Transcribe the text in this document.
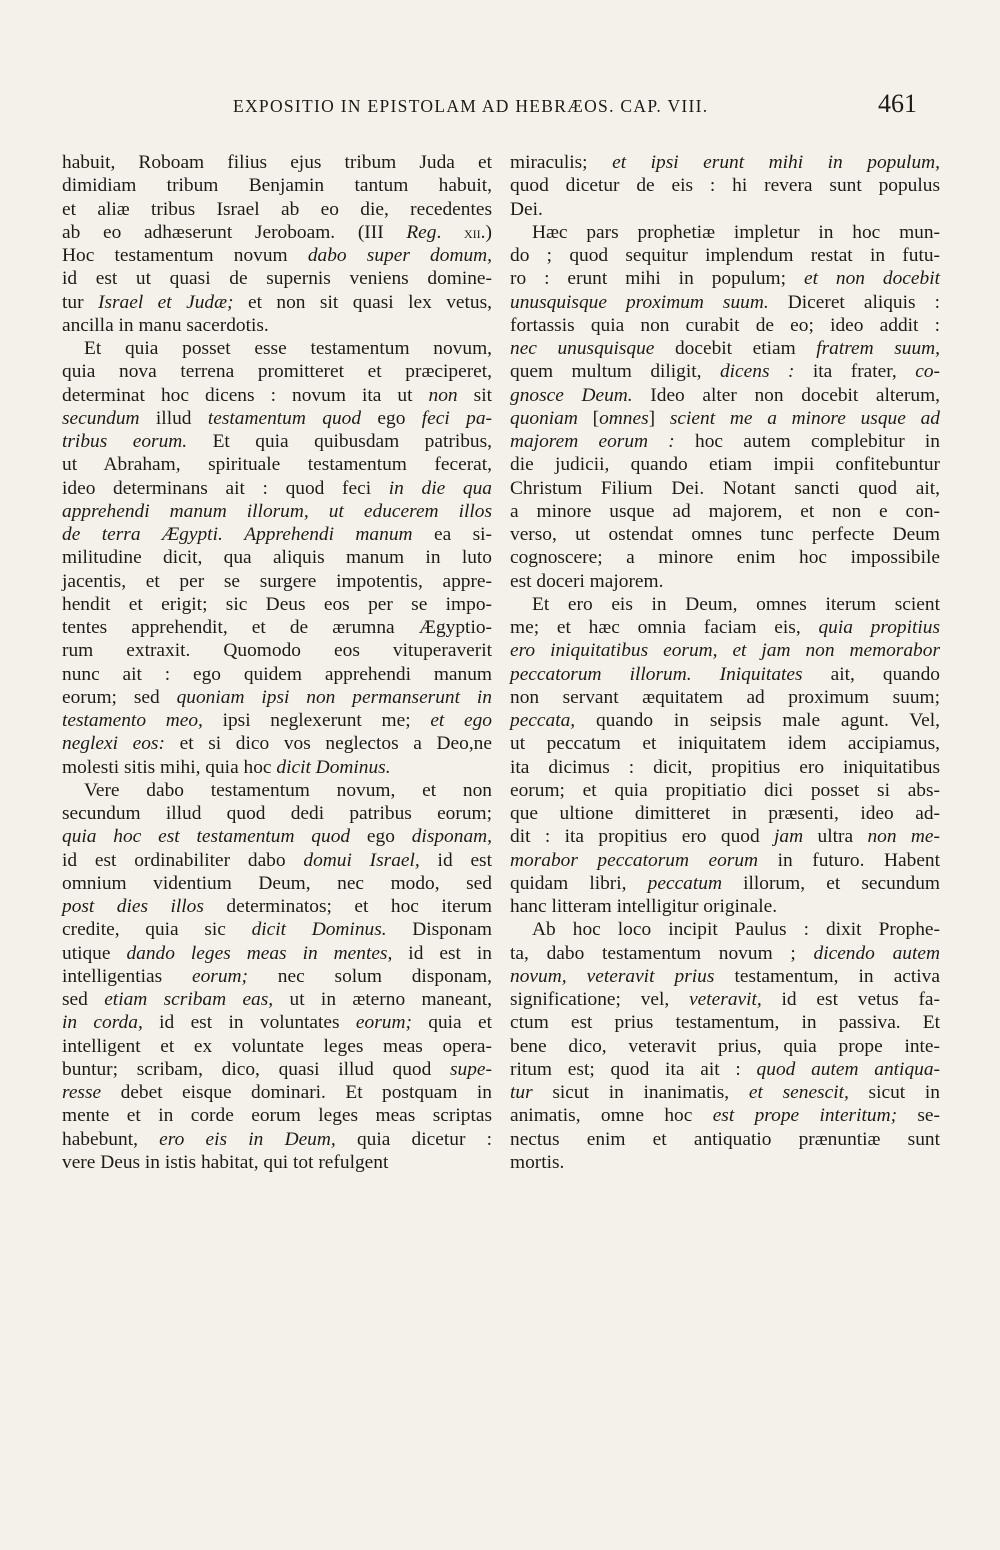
EXPOSITIO IN EPISTOLAM AD HEBRÆOS. CAP. VIII.	461
habuit, Roboam filius ejus tribum Juda et
dimidiam tribum Benjamin tantum habuit,
et aliæ tribus Israel ab eo die, recedentes
ab eo adhæserunt Jeroboam. (III Reg. xii.)
Hoc testamentum novum dabo super domum,
id est ut quasi de supernis veniens domine-
tur Israel et Judæ; et non sit quasi lex vetus,
ancilla in manu sacerdotis.
Et quia posset esse testamentum novum,
quia nova terrena promitteret et præciperet,
determinat hoc dicens : novum ita ut non sit
secundum illud testamentum quod ego feci pa-
tribus eorum. Et quia quibusdam patribus,
ut Abraham, spirituale testamentum fecerat,
ideo determinans ait : quod feci in die qua
apprehendi manum illorum, ut educerem illos
de terra Ægypti. Apprehendi manum ea si-
militudine dicit, qua aliquis manum in luto
jacentis, et per se surgere impotentis, appre-
hendit et erigit; sic Deus eos per se impo-
tentes apprehendit, et de ærumna Ægyptio-
rum extraxit. Quomodo eos vituperaverit
nunc ait : ego quidem apprehendi manum
eorum; sed quoniam ipsi non permanserunt in
testamento meo, ipsi neglexerunt me; et ego
neglexi eos: et si dico vos neglectos a Deo,ne
molesti sitis mihi, quia hoc dicit Dominus.
Vere dabo testamentum novum, et non
secundum illud quod dedi patribus eorum;
quia hoc est testamentum quod ego disponam,
id est ordinabiliter dabo domui Israel, id est
omnium videntium Deum, nec modo, sed
post dies illos determinatos; et hoc iterum
credite, quia sic dicit Dominus. Disponam
utique dando leges meas in mentes, id est in
intelligentias eorum; nec solum disponam,
sed etiam scribam eas, ut in æterno maneant,
in corda, id est in voluntates eorum; quia et
intelligent et ex voluntate leges meas opera-
buntur; scribam, dico, quasi illud quod supe-
resse debet eisque dominari. Et postquam in
mente et in corde eorum leges meas scriptas
habebunt, ero eis in Deum, quia dicetur :
vere Deus in istis habitat, qui tot refulgent
miraculis; et ipsi erunt mihi in populum,
quod dicetur de eis : hi revera sunt populus
Dei.
Hæc pars prophetiæ impletur in hoc mun-
do ; quod sequitur implendum restat in futu-
ro : erunt mihi in populum; et non docebit
unusquisque proximum suum. Diceret aliquis :
fortassis quia non curabit de eo; ideo addit :
nec unusquisque docebit etiam fratrem suum,
quem multum diligit, dicens : ita frater, co-
gnosce Deum. Ideo alter non docebit alterum,
quoniam [omnes] scient me a minore usque ad
majorem eorum : hoc autem complebitur in
die judicii, quando etiam impii confitebuntur
Christum Filium Dei. Notant sancti quod ait,
a minore usque ad majorem, et non e con-
verso, ut ostendat omnes tunc perfecte Deum
cognoscere; a minore enim hoc impossibile
est doceri majorem.
Et ero eis in Deum, omnes iterum scient
me; et hæc omnia faciam eis, quia propitius
ero iniquitatibus eorum, et jam non memorabor
peccatorum illorum. Iniquitates ait, quando
non servant æquitatem ad proximum suum;
peccata, quando in seipsis male agunt. Vel,
ut peccatum et iniquitatem idem accipiamus,
ita dicimus : dicit, propitius ero iniquitatibus
eorum; et quia propitiatio dici posset si abs-
que ultione dimitteret in præsenti, ideo ad-
dit : ita propitius ero quod jam ultra non me-
morabor peccatorum eorum in futuro. Habent
quidam libri, peccatum illorum, et secundum
hanc litteram intelligitur originale.
Ab hoc loco incipit Paulus : dixit Prophe-
ta, dabo testamentum novum ; dicendo autem
novum, veteravit prius testamentum, in activa
significatione; vel, veteravit, id est vetus fa-
ctum est prius testamentum, in passiva. Et
bene dico, veteravit prius, quia prope inte-
ritum est; quod ita ait : quod autem antiqua-
tur sicut in inanimatis, et senescit, sicut in
animatis, omne hoc est prope interitum; se-
nectus enim et antiquatio prænuntiæ sunt
mortis.
